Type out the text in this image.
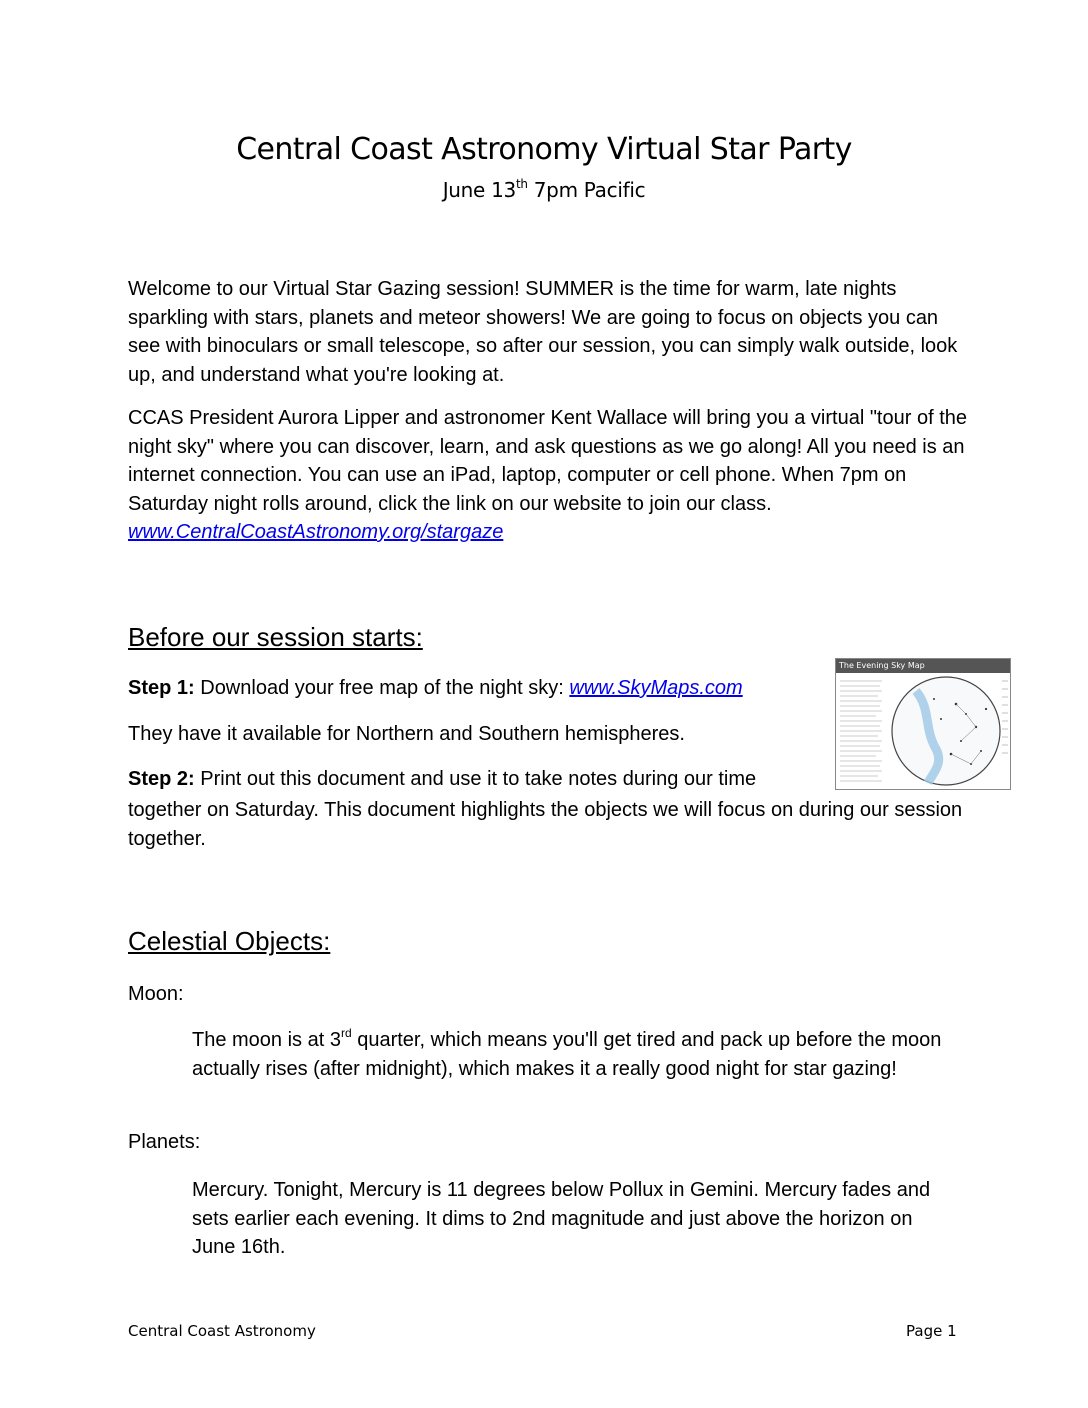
Central Coast Astronomy Virtual Star Party
June 13th 7pm Pacific

Welcome to our Virtual Star Gazing session! SUMMER is the time for warm, late nights sparkling with stars, planets and meteor showers! We are going to focus on objects you can see with binoculars or small telescope, so after our session, you can simply walk outside, look up, and understand what you're looking at.

CCAS President Aurora Lipper and astronomer Kent Wallace will bring you a virtual "tour of the night sky" where you can discover, learn, and ask questions as we go along! All you need is an internet connection. You can use an iPad, laptop, computer or cell phone. When 7pm on Saturday night rolls around, click the link on our website to join our class. www.CentralCoastAstronomy.org/stargaze

Before our session starts:
Step 1: Download your free map of the night sky: www.SkyMaps.com
They have it available for Northern and Southern hemispheres.
Step 2: Print out this document and use it to take notes during our time
together on Saturday. This document highlights the objects we will focus on during our session together.
The Evening Sky Map
Celestial Objects:
Moon:
The moon is at 3rd quarter, which means you'll get tired and pack up before the moon actually rises (after midnight), which makes it a really good night for star gazing!
Planets:
Mercury. Tonight, Mercury is 11 degrees below Pollux in Gemini. Mercury fades and sets earlier each evening. It dims to 2nd magnitude and just above the horizon on June 16th.
Central Coast Astronomy	Page 1
